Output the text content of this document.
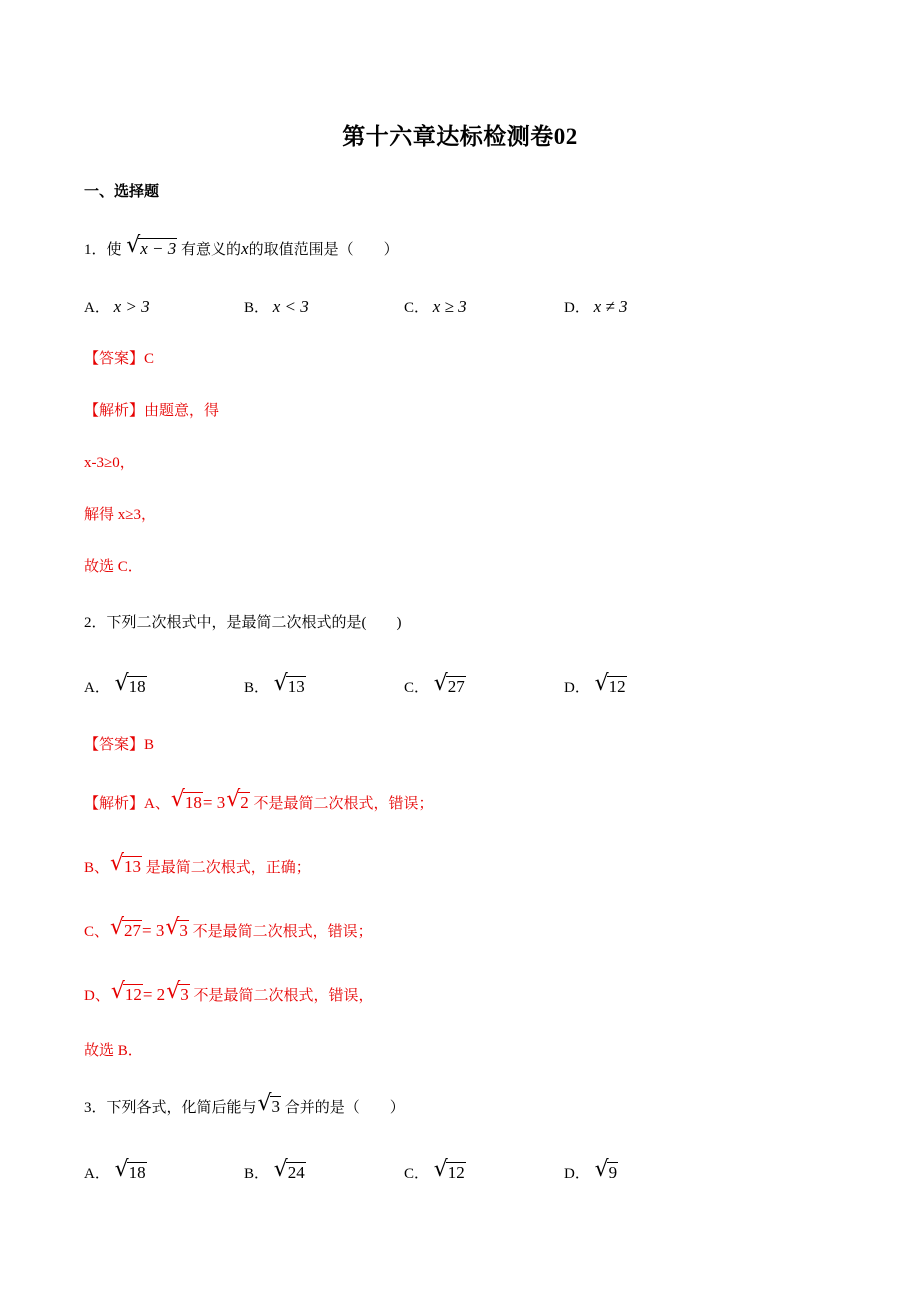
第十六章达标检测卷02
一、选择题
1．使 √ x − 3 有意义的x的取值范围是（ ）
A． x > 3	B． x < 3	C． x ≥ 3	D． x ≠ 3
【答案】C
【解析】由题意，得
x-3≥0，
解得 x≥3，
故选 C．
2．下列二次根式中，是最简二次根式的是( )
A． √ 18	B． √ 13	C． √ 27	D． √ 12
【答案】B
【解析】A、 √ 18= 3 √ 2 不是最简二次根式，错误；
B、 √ 13 是最简二次根式，正确；
C、 √ 27= 3 √ 3 不是最简二次根式，错误；
D、 √ 12= 2 √ 3 不是最简二次根式，错误，
故选 B．
3．下列各式，化简后能与 √ 3 合并的是（ ）
A． √ 18	B． √ 24	C． √ 12	D． √ 9
